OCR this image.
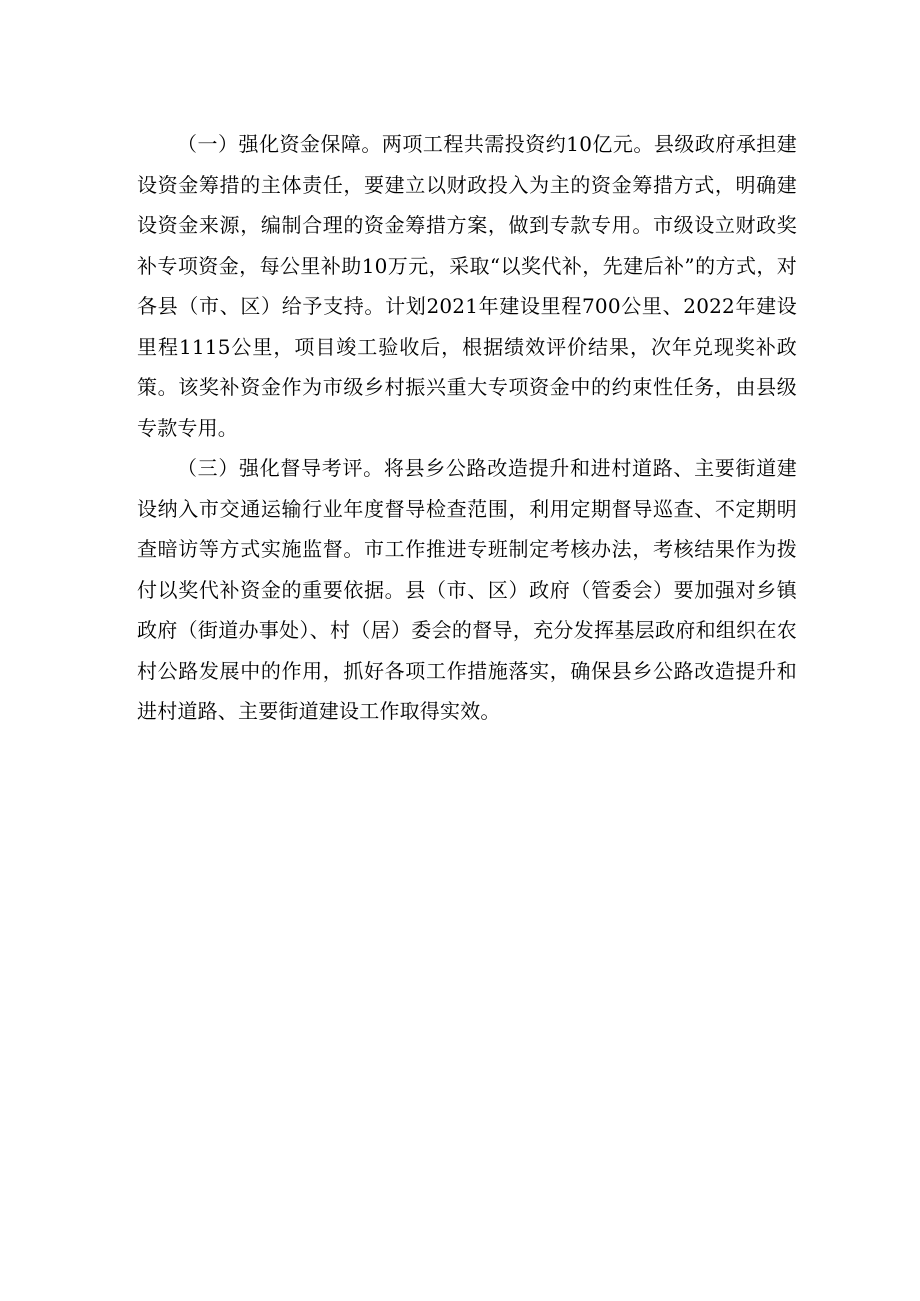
（一）强化资金保障。两项工程共需投资约10亿元。县级政府承担建设资金筹措的主体责任，要建立以财政投入为主的资金筹措方式，明确建设资金来源，编制合理的资金筹措方案，做到专款专用。市级设立财政奖补专项资金，每公里补助10万元，采取“以奖代补，先建后补”的方式，对各县（市、区）给予支持。计划2021年建设里程700公里、2022年建设里程1115公里，项目竣工验收后，根据绩效评价结果，次年兑现奖补政策。该奖补资金作为市级乡村振兴重大专项资金中的约束性任务，由县级专款专用。

（三）强化督导考评。将县乡公路改造提升和进村道路、主要街道建设纳入市交通运输行业年度督导检查范围，利用定期督导巡查、不定期明查暗访等方式实施监督。市工作推进专班制定考核办法，考核结果作为拨付以奖代补资金的重要依据。县（市、区）政府（管委会）要加强对乡镇政府（街道办事处）、村（居）委会的督导，充分发挥基层政府和组织在农村公路发展中的作用，抓好各项工作措施落实，确保县乡公路改造提升和进村道路、主要街道建设工作取得实效。
